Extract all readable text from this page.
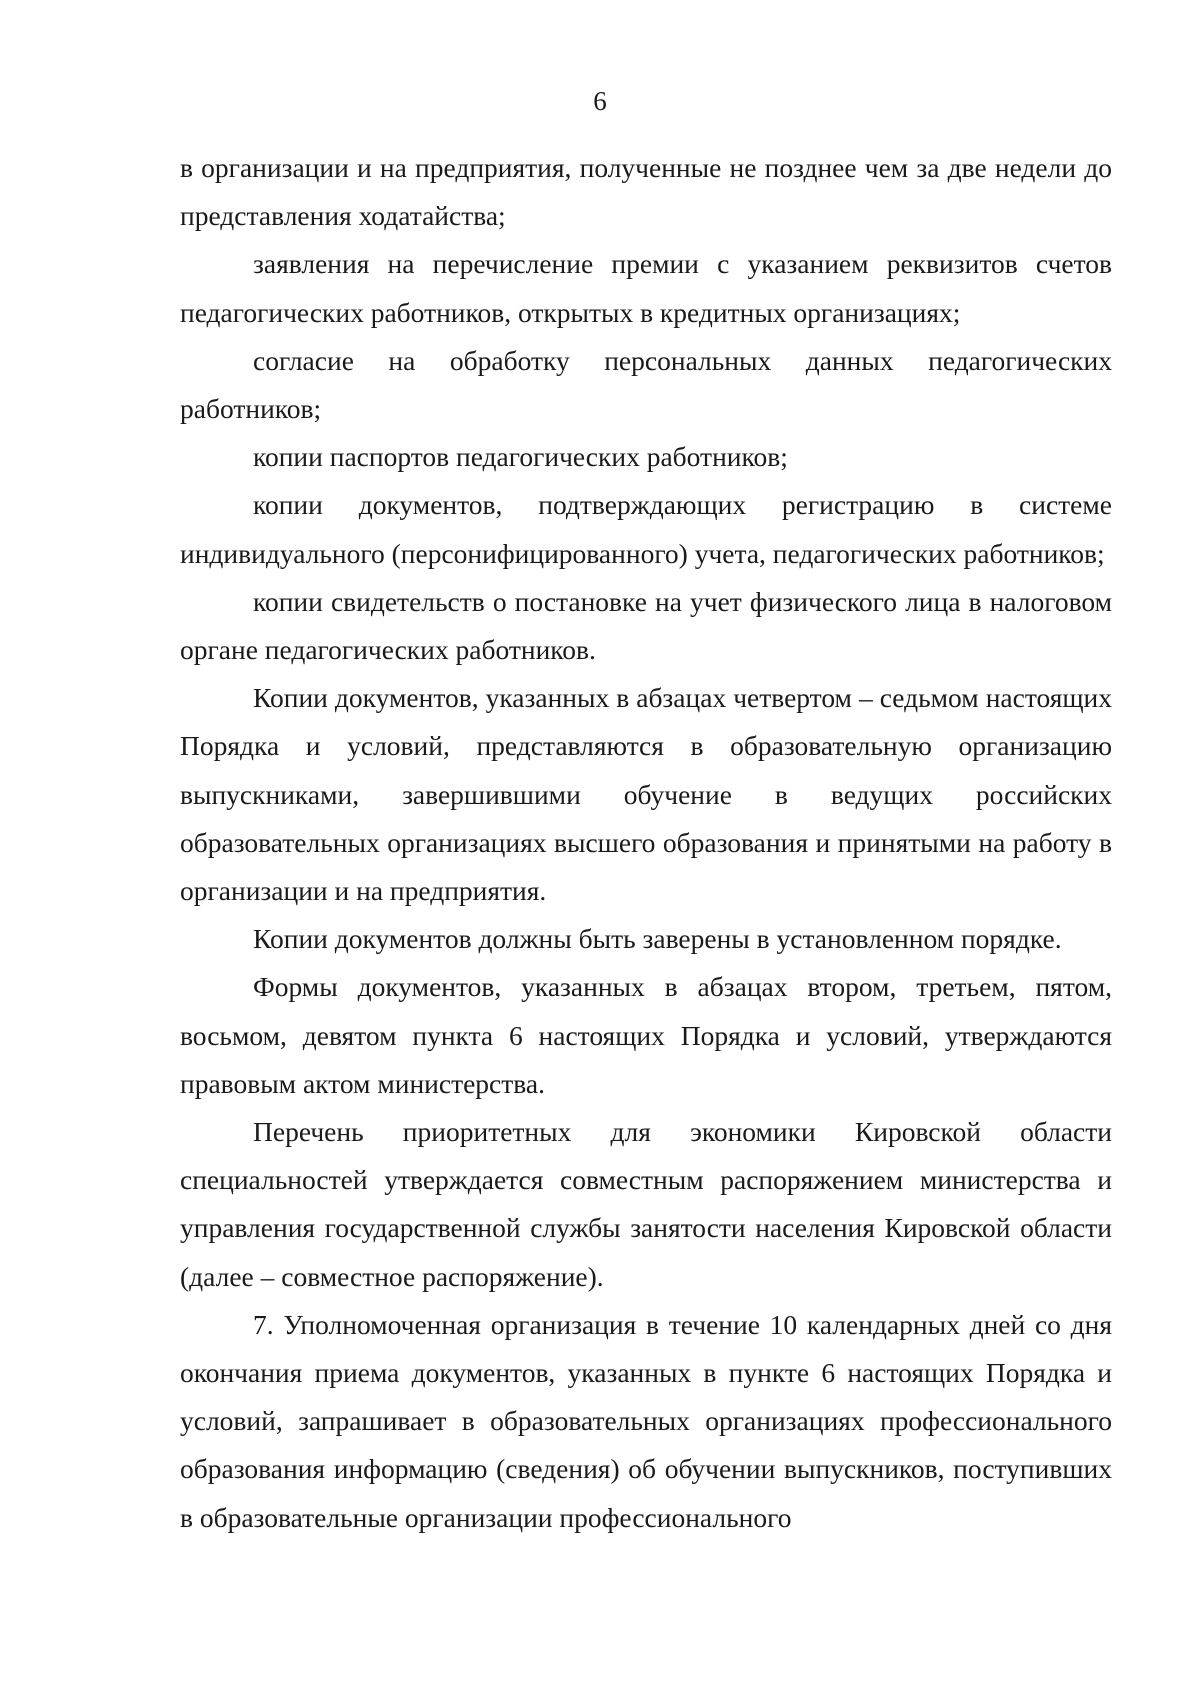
6

в организации и на предприятия, полученные не позднее чем за две недели до представления ходатайства;

заявления на перечисление премии с указанием реквизитов счетов педагогических работников, открытых в кредитных организациях;

согласие на обработку персональных данных педагогических работников;

копии паспортов педагогических работников;

копии документов, подтверждающих регистрацию в системе индивидуального (персонифицированного) учета, педагогических работников;

копии свидетельств о постановке на учет физического лица в налоговом органе педагогических работников.

Копии документов, указанных в абзацах четвертом – седьмом настоящих Порядка и условий, представляются в образовательную организацию выпускниками, завершившими обучение в ведущих российских образовательных организациях высшего образования и принятыми на работу в организации и на предприятия.

Копии документов должны быть заверены в установленном порядке.

Формы документов, указанных в абзацах втором, третьем, пятом, восьмом, девятом пункта 6 настоящих Порядка и условий, утверждаются правовым актом министерства.

Перечень приоритетных для экономики Кировской области специальностей утверждается совместным распоряжением министерства и управления государственной службы занятости населения Кировской области (далее – совместное распоряжение).

7. Уполномоченная организация в течение 10 календарных дней со дня окончания приема документов, указанных в пункте 6 настоящих Порядка и условий, запрашивает в образовательных организациях профессионального образования информацию (сведения) об обучении выпускников, поступивших в образовательные организации профессионального
